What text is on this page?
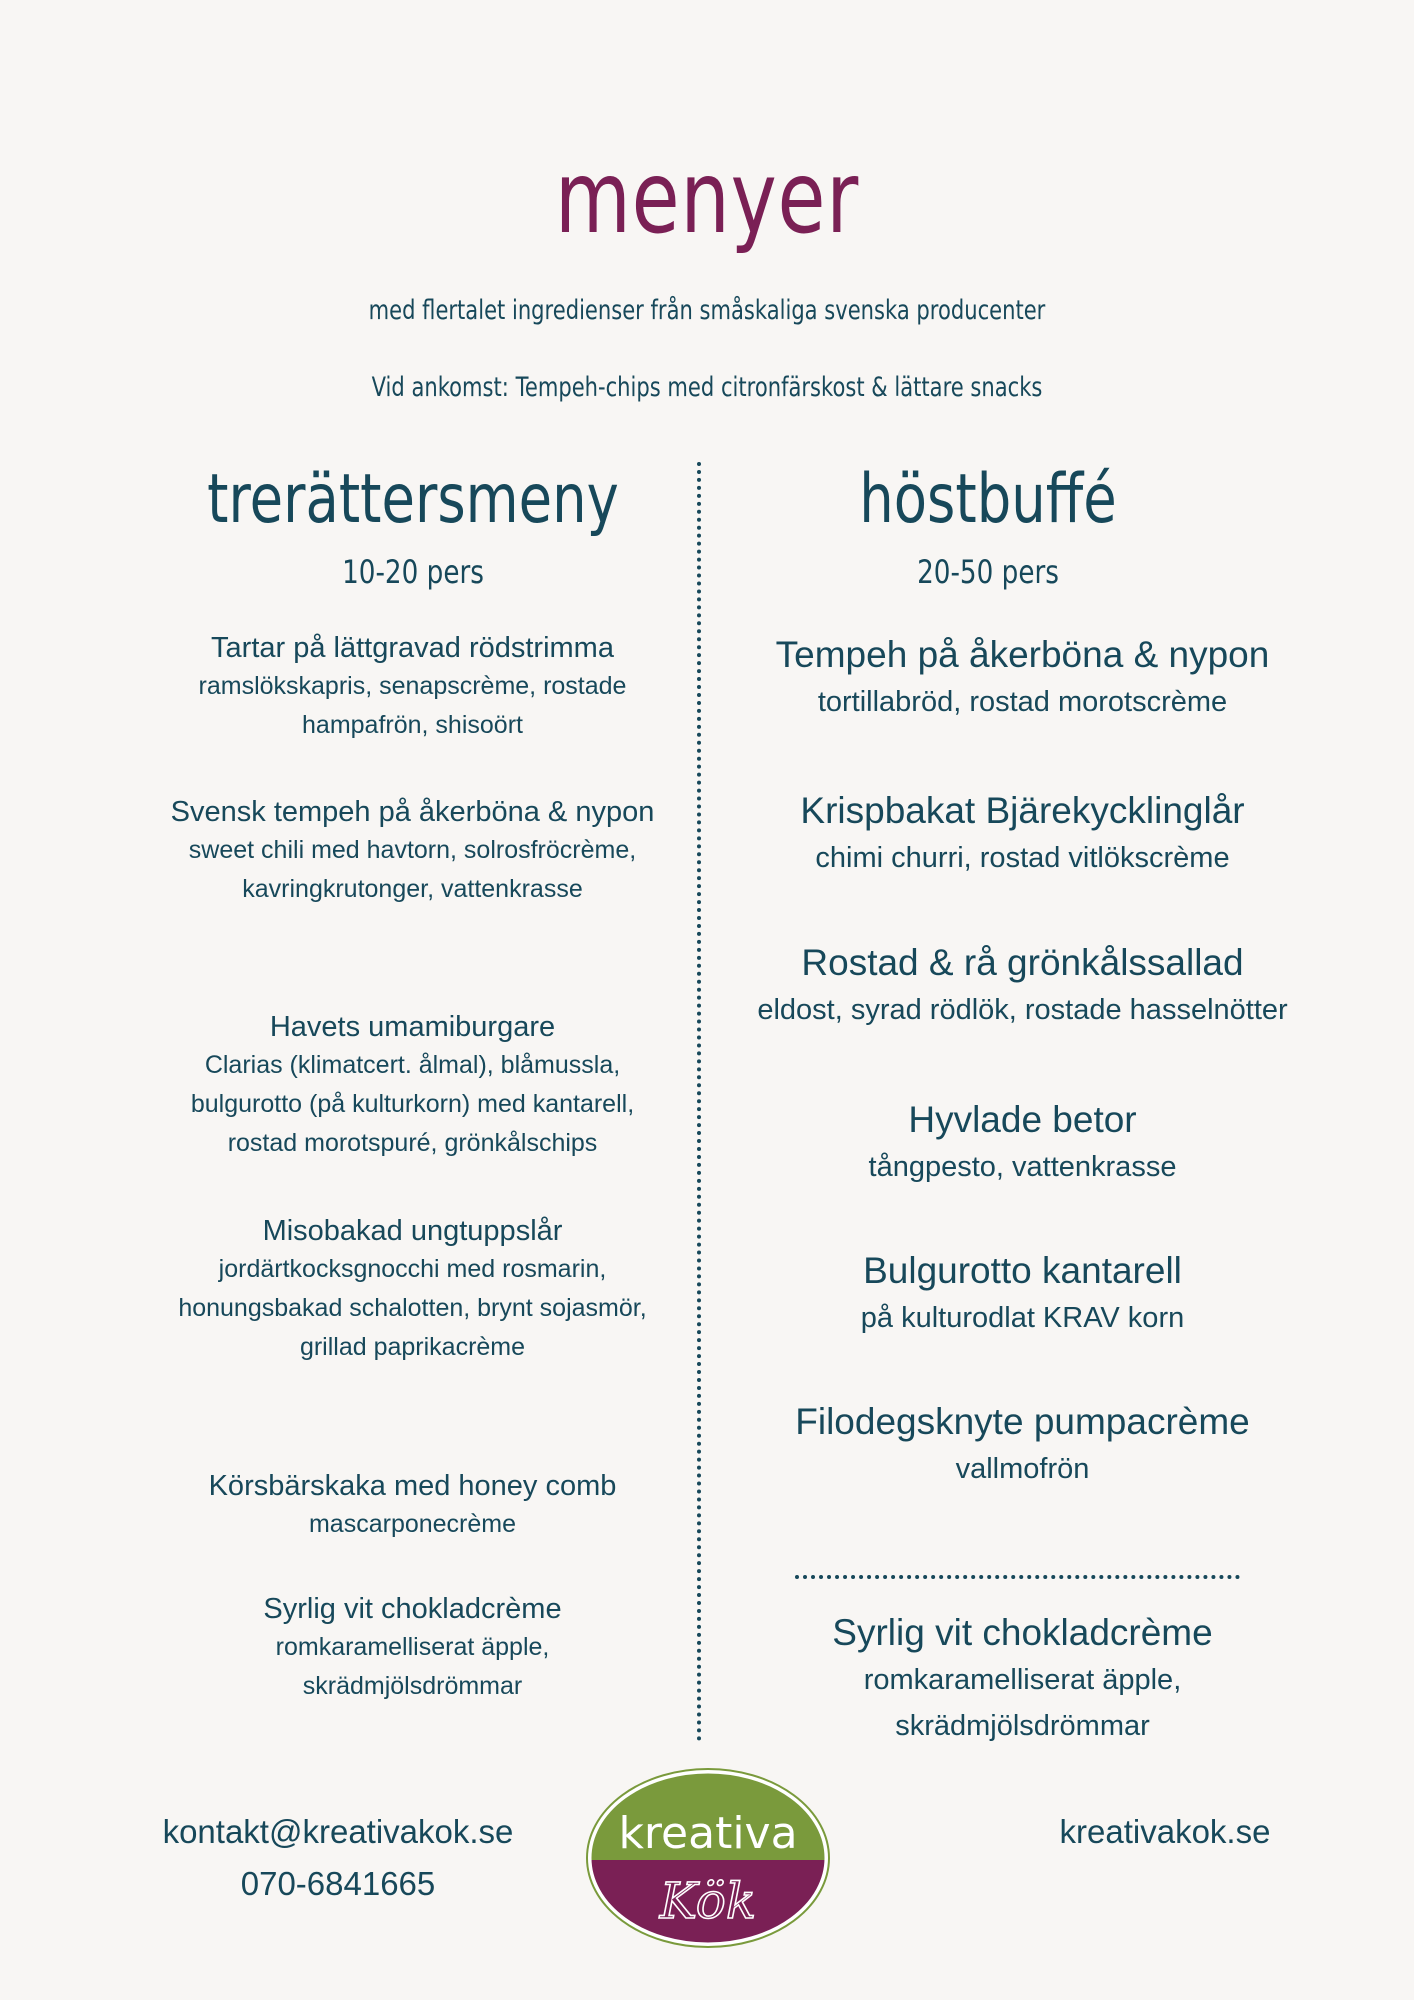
menyer
med flertalet ingredienser från småskaliga svenska producenter
Vid ankomst: Tempeh-chips med citronfärskost & lättare snacks
trerättersmeny
10-20 pers
höstbuffé
20-50 pers
Tartar på lättgravad rödstrimma
ramslökskapris, senapscrème, rostade
hampafrön, shisoört
Svensk tempeh på åkerböna & nypon
sweet chili med havtorn, solrosfröcrème,
kavringkrutonger, vattenkrasse
Havets umamiburgare
Clarias (klimatcert. ålmal), blåmussla,
bulgurotto (på kulturkorn) med kantarell,
rostad morotspuré, grönkålschips
Misobakad ungtuppslår
jordärtkocksgnocchi med rosmarin,
honungsbakad schalotten, brynt sojasmör,
grillad paprikacrème
Körsbärskaka med honey comb
mascarponecrème
Syrlig vit chokladcrème
romkaramelliserat äpple,
skrädmjölsdrömmar
Tempeh på åkerböna & nypon
tortillabröd, rostad morotscrème
Krispbakat Bjärekycklinglår
chimi churri, rostad vitlökscrème
Rostad & rå grönkålssallad
eldost, syrad rödlök, rostade hasselnötter
Hyvlade betor
tångpesto, vattenkrasse
Bulgurotto kantarell
på kulturodlat KRAV korn
Filodegsknyte pumpacrème
vallmofrön
Syrlig vit chokladcrème
romkaramelliserat äpple,
skrädmjölsdrömmar
kontakt@kreativakok.se
070-6841665
kreativa
Kök
kreativakok.se
